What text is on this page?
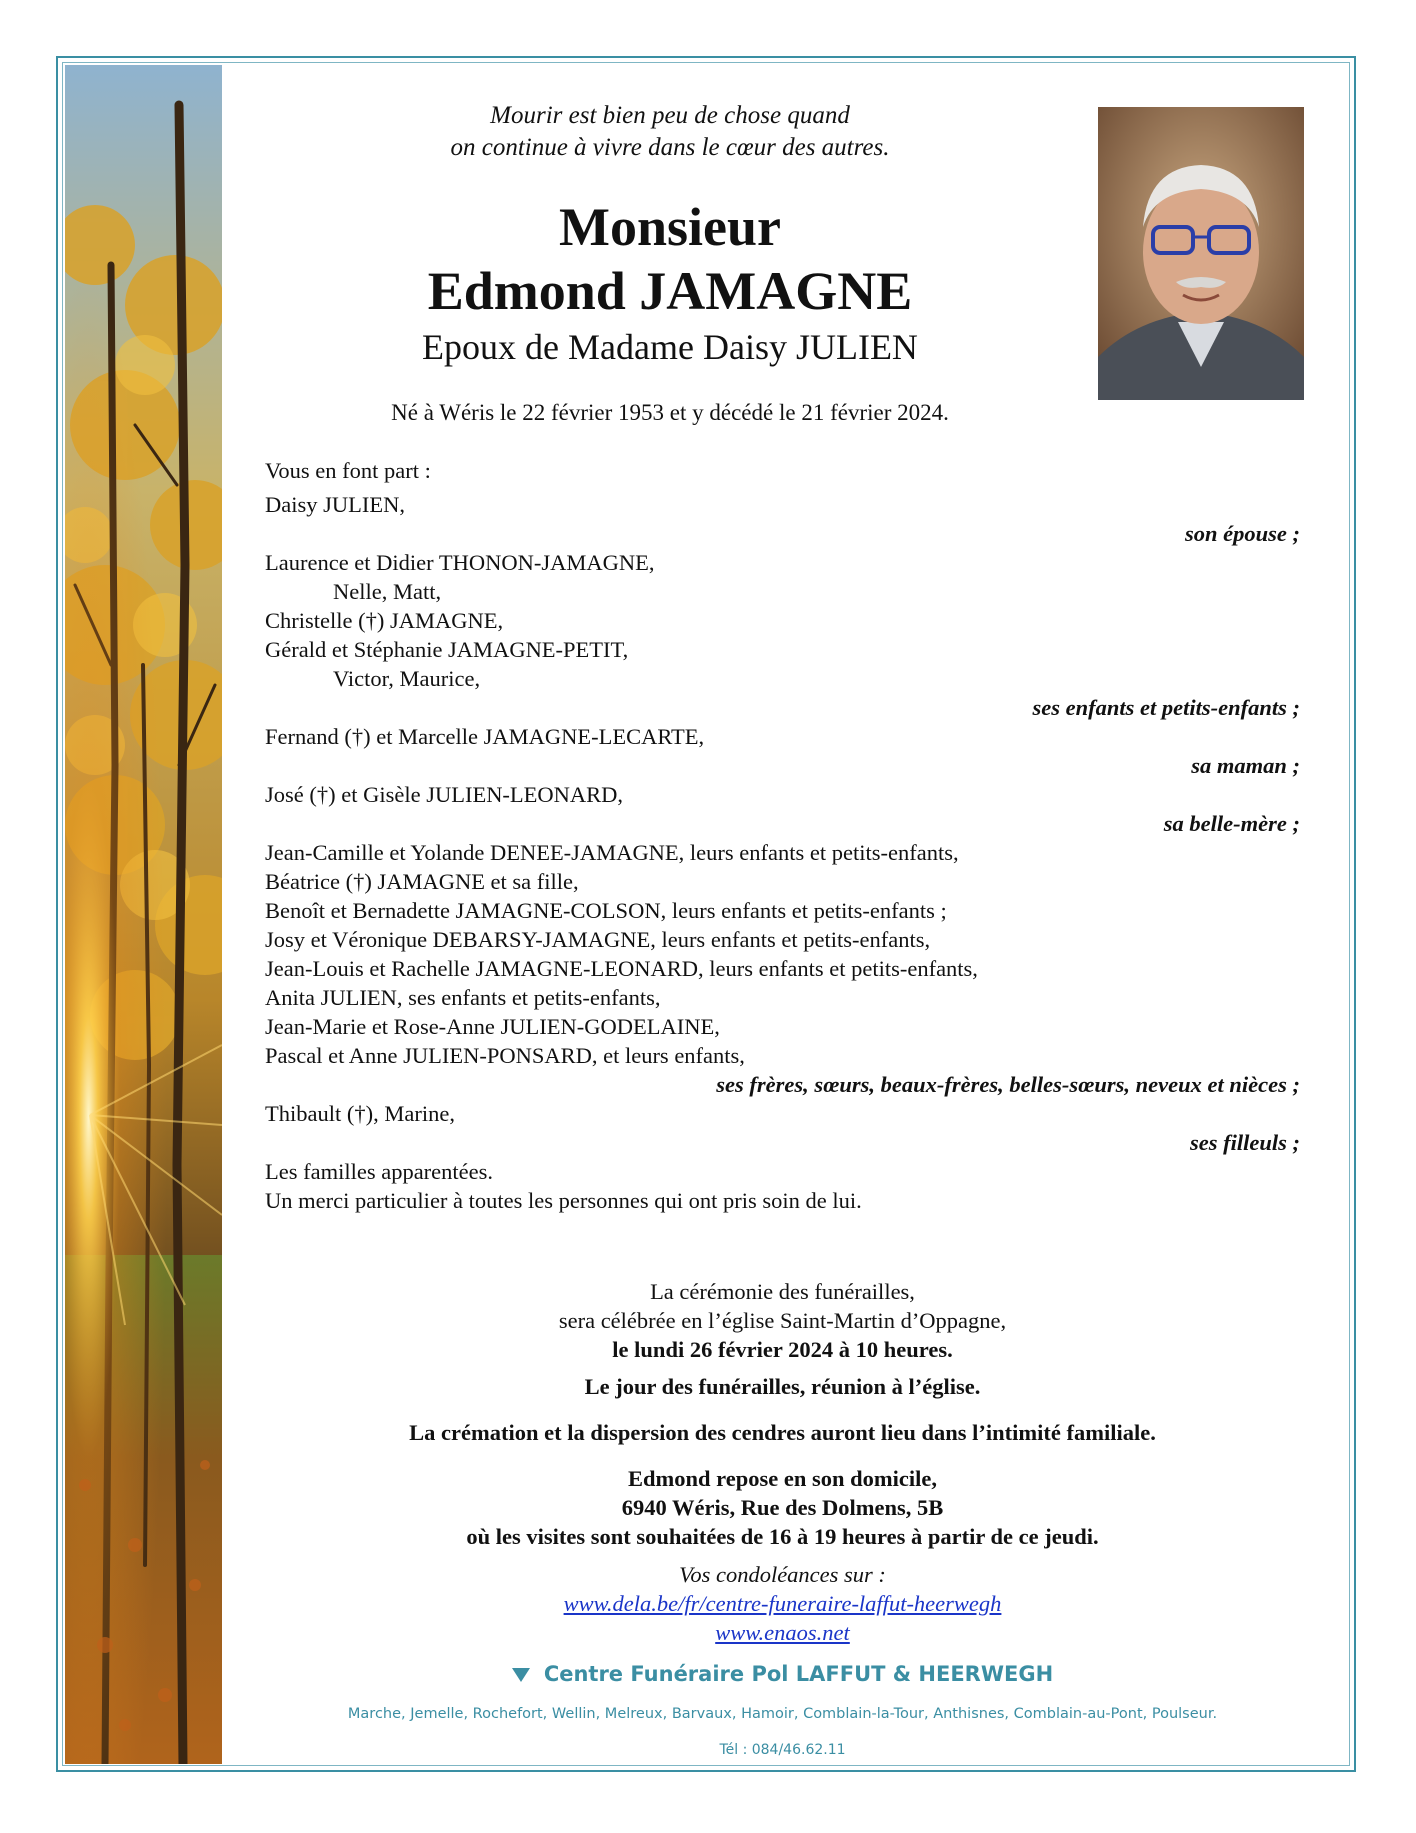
Mourir est bien peu de chose quand
on continue à vivre dans le cœur des autres.
Monsieur
Edmond JAMAGNE
Epoux de Madame Daisy JULIEN
Né à Wéris le 22 février 1953 et y décédé le 21 février 2024.
Vous en font part :
Daisy JULIEN,
son épouse ;
Laurence et Didier THONON-JAMAGNE,
Nelle, Matt,
Christelle (†) JAMAGNE,
Gérald et Stéphanie JAMAGNE-PETIT,
Victor, Maurice,
ses enfants et petits-enfants ;
Fernand (†) et Marcelle JAMAGNE-LECARTE,
sa maman ;
José (†) et Gisèle JULIEN-LEONARD,
sa belle-mère ;
Jean-Camille et Yolande DENEE-JAMAGNE, leurs enfants et petits-enfants,
Béatrice (†) JAMAGNE et sa fille,
Benoît et Bernadette JAMAGNE-COLSON, leurs enfants et petits-enfants ;
Josy et Véronique DEBARSY-JAMAGNE, leurs enfants et petits-enfants,
Jean-Louis et Rachelle JAMAGNE-LEONARD, leurs enfants et petits-enfants,
Anita JULIEN, ses enfants et petits-enfants,
Jean-Marie et Rose-Anne JULIEN-GODELAINE,
Pascal et Anne JULIEN-PONSARD, et leurs enfants,
ses frères, sœurs, beaux-frères, belles-sœurs, neveux et nièces ;
Thibault (†), Marine,
ses filleuls ;
Les familles apparentées.
Un merci particulier à toutes les personnes qui ont pris soin de lui.
La cérémonie des funérailles,
sera célébrée en l’église Saint-Martin d’Oppagne,
le lundi 26 février 2024 à 10 heures.
Le jour des funérailles, réunion à l’église.
La crémation et la dispersion des cendres auront lieu dans l’intimité familiale.
Edmond repose en son domicile,
6940 Wéris, Rue des Dolmens, 5B
où les visites sont souhaitées de 16 à 19 heures à partir de ce jeudi.
Vos condoléances sur :
www.dela.be/fr/centre-funeraire-laffut-heerwegh
www.enaos.net
Centre Funéraire Pol LAFFUT & HEERWEGH
Marche, Jemelle, Rochefort, Wellin, Melreux, Barvaux, Hamoir, Comblain-la-Tour, Anthisnes, Comblain-au-Pont, Poulseur.
Tél : 084/46.62.11
